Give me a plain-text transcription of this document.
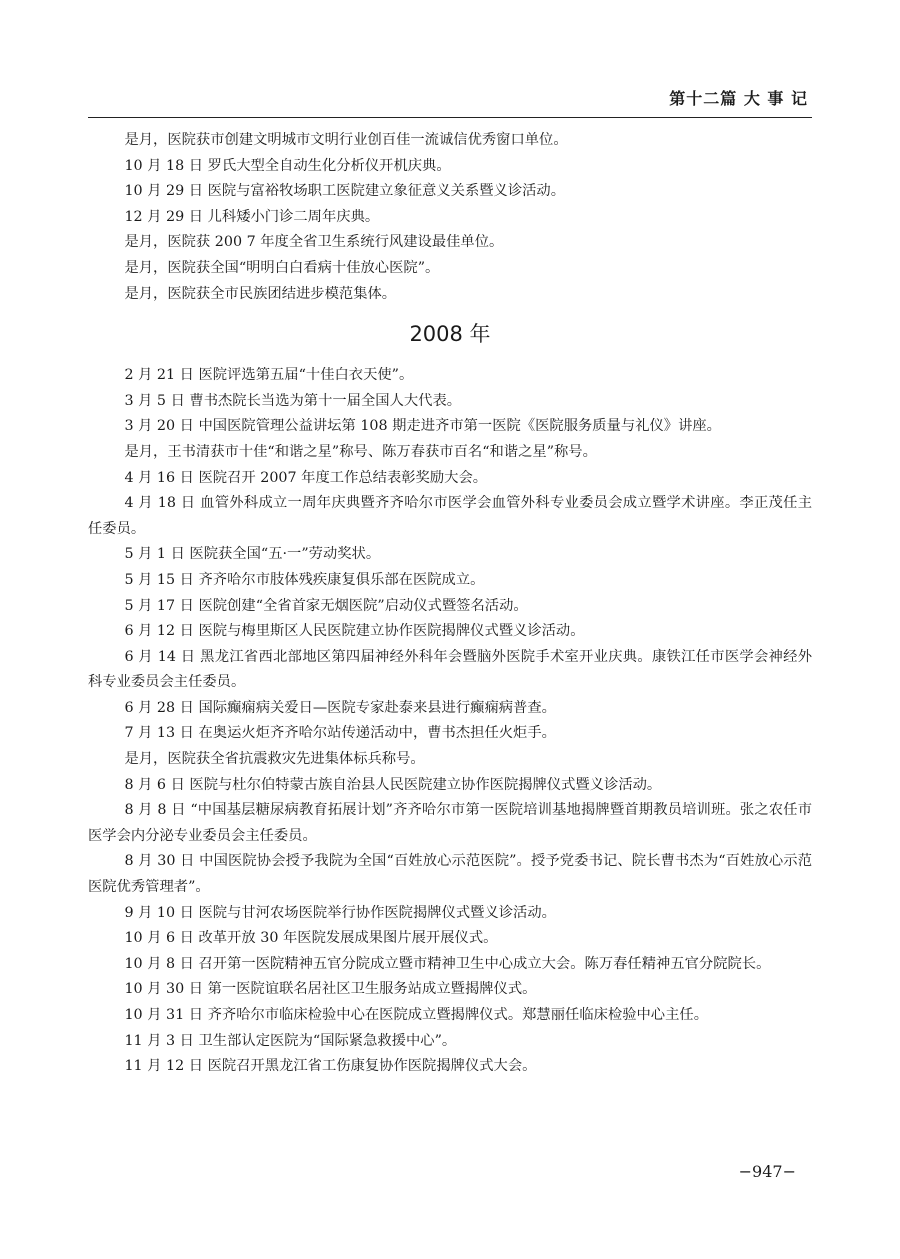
第十二篇 大 事 记

是月，医院获市创建文明城市文明行业创百佳一流诚信优秀窗口单位。

10 月 18 日 罗氏大型全自动生化分析仪开机庆典。

10 月 29 日 医院与富裕牧场职工医院建立象征意义关系暨义诊活动。

12 月 29 日 儿科矮小门诊二周年庆典。

是月，医院获 200 7 年度全省卫生系统行风建设最佳单位。

是月，医院获全国“明明白白看病十佳放心医院”。

是月，医院获全市民族团结进步模范集体。

2008 年

2 月 21 日 医院评选第五届“十佳白衣天使”。

3 月 5 日 曹书杰院长当选为第十一届全国人大代表。

3 月 20 日 中国医院管理公益讲坛第 108 期走进齐市第一医院《医院服务质量与礼仪》讲座。

是月，王书清获市十佳“和谐之星”称号、陈万春获市百名“和谐之星”称号。

4 月 16 日 医院召开 2007 年度工作总结表彰奖励大会。

4 月 18 日 血管外科成立一周年庆典暨齐齐哈尔市医学会血管外科专业委员会成立暨学术讲座。李正茂任主任委员。

5 月 1 日 医院获全国“五·一”劳动奖状。

5 月 15 日 齐齐哈尔市肢体残疾康复俱乐部在医院成立。

5 月 17 日 医院创建“全省首家无烟医院”启动仪式暨签名活动。

6 月 12 日 医院与梅里斯区人民医院建立协作医院揭牌仪式暨义诊活动。

6 月 14 日 黑龙江省西北部地区第四届神经外科年会暨脑外医院手术室开业庆典。康铁江任市医学会神经外科专业委员会主任委员。

6 月 28 日 国际癫痫病关爱日—医院专家赴泰来县进行癫痫病普查。

7 月 13 日 在奥运火炬齐齐哈尔站传递活动中，曹书杰担任火炬手。

是月，医院获全省抗震救灾先进集体标兵称号。

8 月 6 日 医院与杜尔伯特蒙古族自治县人民医院建立协作医院揭牌仪式暨义诊活动。

8 月 8 日 “中国基层糖尿病教育拓展计划”齐齐哈尔市第一医院培训基地揭牌暨首期教员培训班。张之农任市医学会内分泌专业委员会主任委员。

8 月 30 日 中国医院协会授予我院为全国“百姓放心示范医院”。授予党委书记、院长曹书杰为“百姓放心示范医院优秀管理者”。

9 月 10 日 医院与甘河农场医院举行协作医院揭牌仪式暨义诊活动。

10 月 6 日 改革开放 30 年医院发展成果图片展开展仪式。

10 月 8 日 召开第一医院精神五官分院成立暨市精神卫生中心成立大会。陈万春任精神五官分院院长。

10 月 30 日 第一医院谊联名居社区卫生服务站成立暨揭牌仪式。

10 月 31 日 齐齐哈尔市临床检验中心在医院成立暨揭牌仪式。郑慧丽任临床检验中心主任。

11 月 3 日 卫生部认定医院为“国际紧急救援中心”。

11 月 12 日 医院召开黑龙江省工伤康复协作医院揭牌仪式大会。

−947−
